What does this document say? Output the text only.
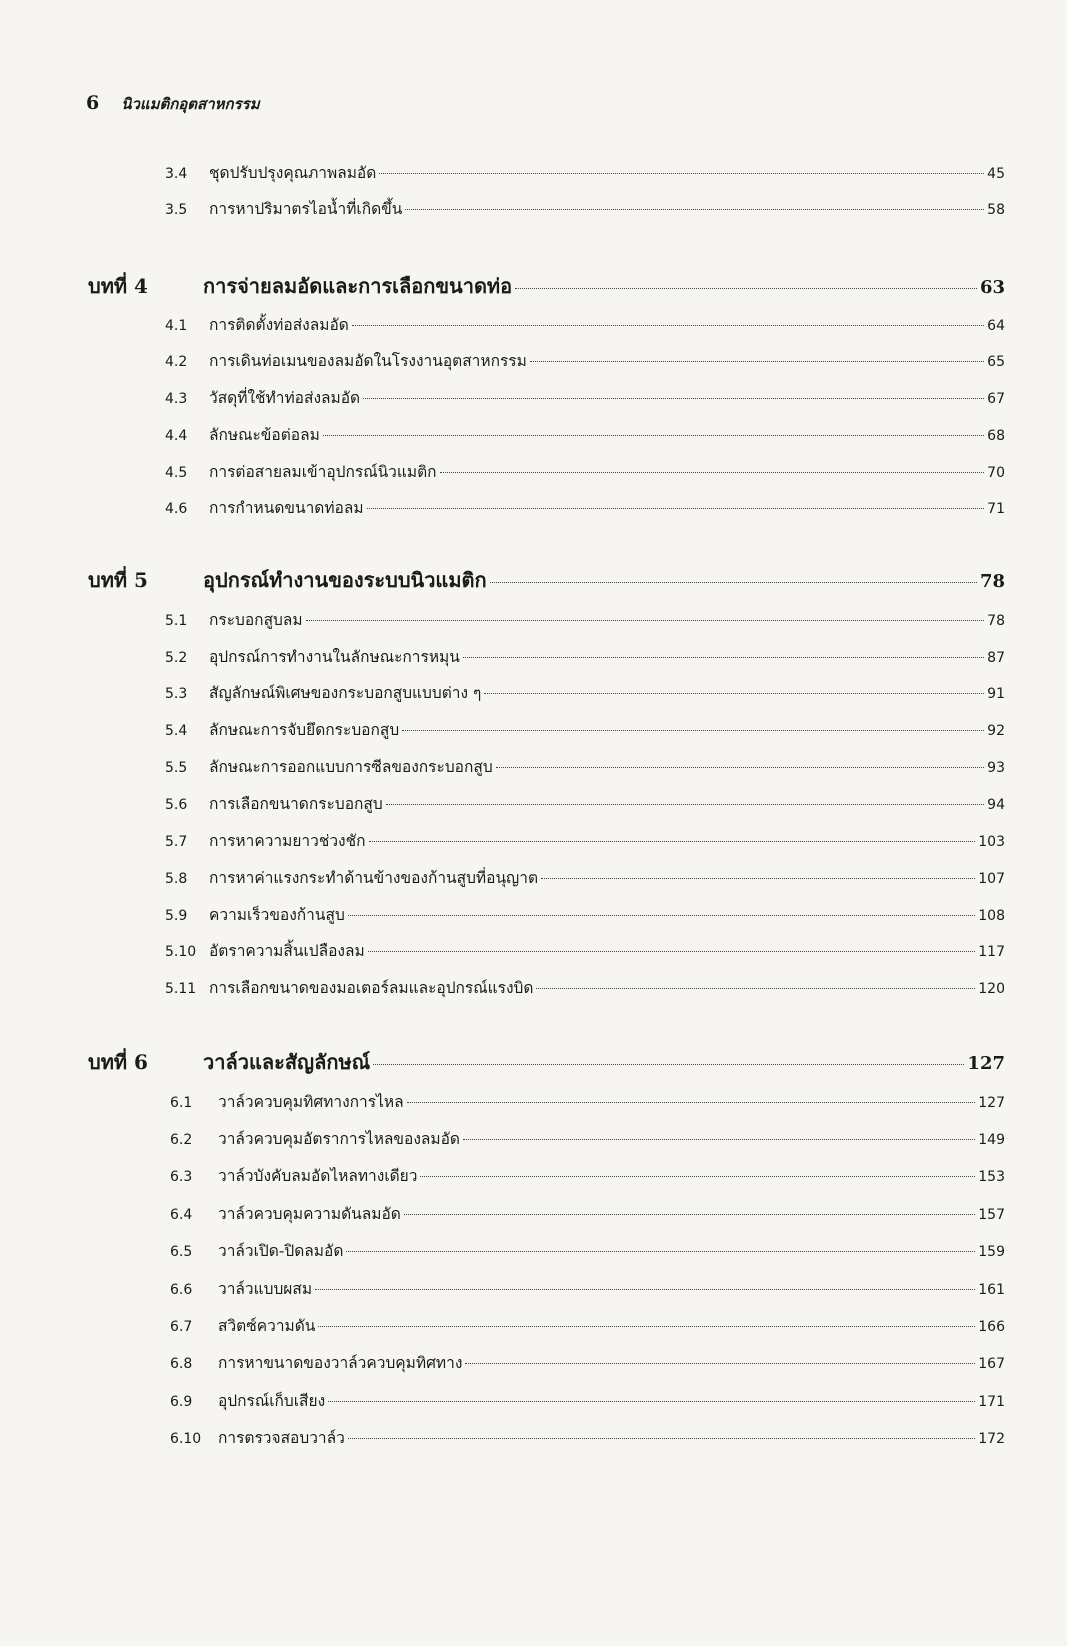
6 นิวแมติกอุตสาหกรรม
3.4	ชุดปรับปรุงคุณภาพลมอัด	45
3.5	การหาปริมาตรไอน้ำที่เกิดขึ้น	58
บทที่ 4	การจ่ายลมอัดและการเลือกขนาดท่อ	63
4.1	การติดตั้งท่อส่งลมอัด	64
4.2	การเดินท่อเมนของลมอัดในโรงงานอุตสาหกรรม	65
4.3	วัสดุที่ใช้ทำท่อส่งลมอัด	67
4.4	ลักษณะข้อต่อลม	68
4.5	การต่อสายลมเข้าอุปกรณ์นิวแมติก	70
4.6	การกำหนดขนาดท่อลม	71
บทที่ 5	อุปกรณ์ทำงานของระบบนิวแมติก	78
5.1	กระบอกสูบลม	78
5.2	อุปกรณ์การทำงานในลักษณะการหมุน	87
5.3	สัญลักษณ์พิเศษของกระบอกสูบแบบต่าง ๆ	91
5.4	ลักษณะการจับยึดกระบอกสูบ	92
5.5	ลักษณะการออกแบบการซีลของกระบอกสูบ	93
5.6	การเลือกขนาดกระบอกสูบ	94
5.7	การหาความยาวช่วงชัก	103
5.8	การหาค่าแรงกระทำด้านข้างของก้านสูบที่อนุญาต	107
5.9	ความเร็วของก้านสูบ	108
5.10 อัตราความสิ้นเปลืองลม	117
5.11 การเลือกขนาดของมอเตอร์ลมและอุปกรณ์แรงบิด	120
บทที่ 6	วาล์วและสัญลักษณ์	127
6.1	วาล์วควบคุมทิศทางการไหล	127
6.2	วาล์วควบคุมอัตราการไหลของลมอัด	149
6.3	วาล์วบังคับลมอัดไหลทางเดียว	153
6.4	วาล์วควบคุมความดันลมอัด	157
6.5	วาล์วเปิด-ปิดลมอัด	159
6.6	วาล์วแบบผสม	161
6.7	สวิตซ์ความดัน	166
6.8	การหาขนาดของวาล์วควบคุมทิศทาง	167
6.9	อุปกรณ์เก็บเสียง	171
6.10	การตรวจสอบวาล์ว	172
